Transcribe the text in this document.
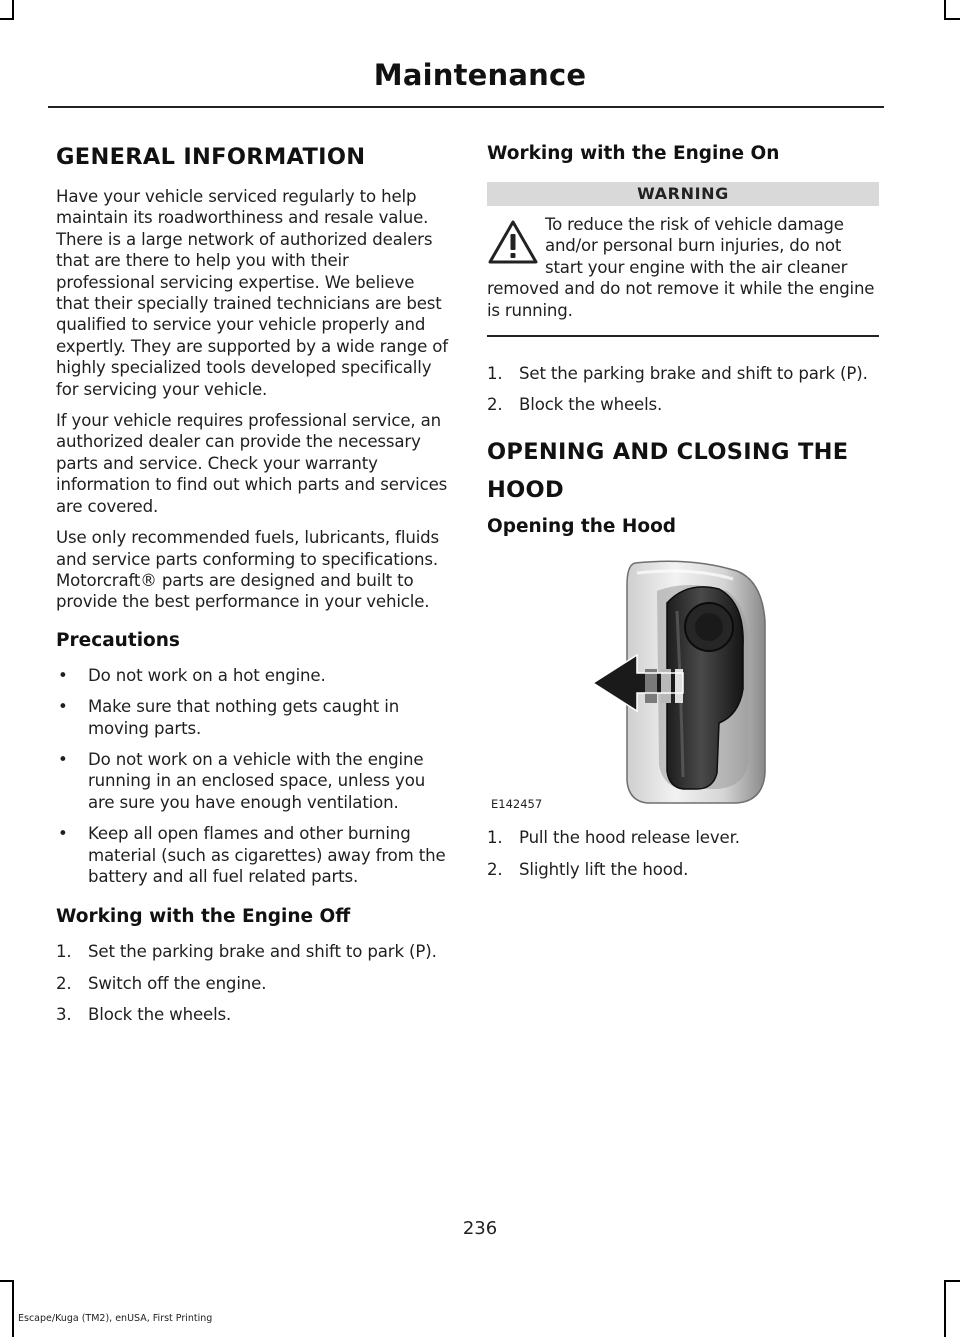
Maintenance
GENERAL INFORMATION

Have your vehicle serviced regularly to help maintain its roadworthiness and resale value. There is a large network of authorized dealers that are there to help you with their professional servicing expertise. We believe that their specially trained technicians are best qualified to service your vehicle properly and expertly. They are supported by a wide range of highly specialized tools developed specifically for servicing your vehicle.

If your vehicle requires professional service, an authorized dealer can provide the necessary parts and service. Check your warranty information to find out which parts and services are covered.

Use only recommended fuels, lubricants, fluids and service parts conforming to specifications. Motorcraft® parts are designed and built to provide the best performance in your vehicle.

Precautions
•	Do not work on a hot engine.
•	Make sure that nothing gets caught in moving parts.
•	Do not work on a vehicle with the engine running in an enclosed space, unless you are sure you have enough ventilation.
•	Keep all open flames and other burning material (such as cigarettes) away from the battery and all fuel related parts.
Working with the Engine Off
1. Set the parking brake and shift to park (P).
2. Switch off the engine.
3. Block the wheels.
Working with the Engine On
WARNING
To reduce the risk of vehicle damage and/or personal burn injuries, do not start your engine with the air cleaner removed and do not remove it while the engine is running.
1. Set the parking brake and shift to park (P).
2. Block the wheels.
OPENING AND CLOSING THE
HOOD
Opening the Hood
E142457
1. Pull the hood release lever.
2. Slightly lift the hood.
236
Escape/Kuga (TM2), enUSA, First Printing
